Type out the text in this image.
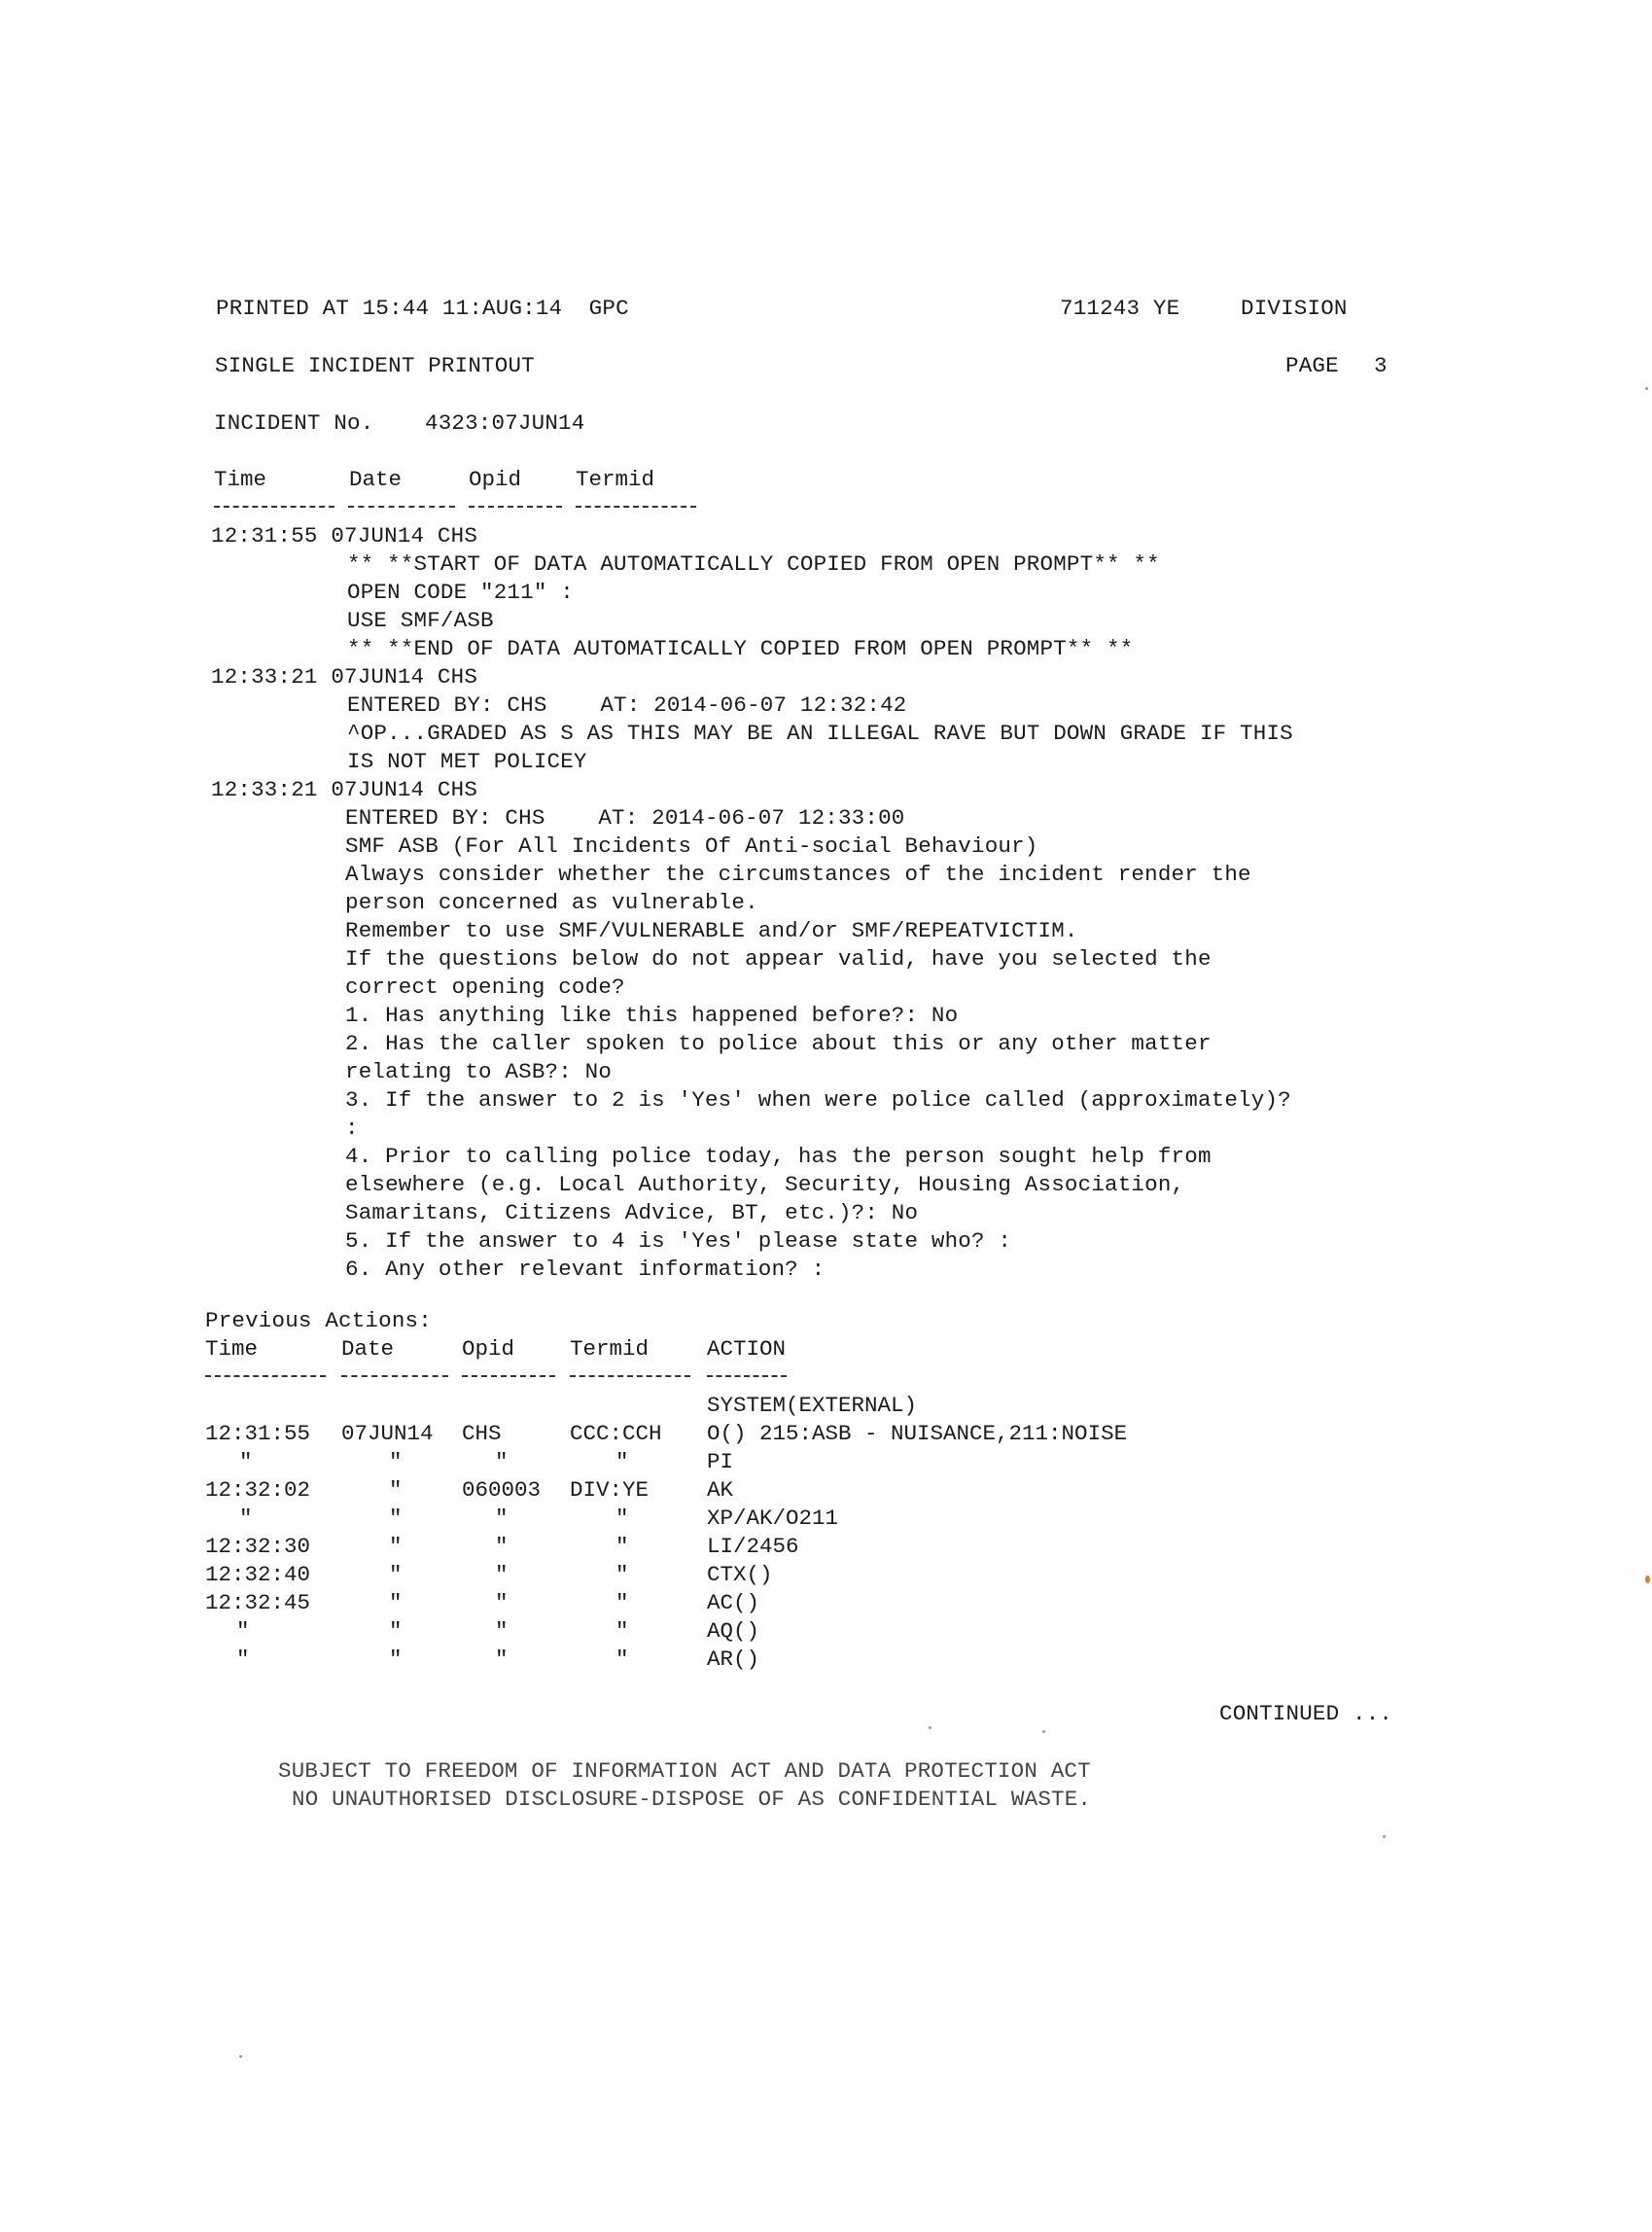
PRINTED AT 15:44 11:AUG:14  GPC	711243 YE	DIVISION
SINGLE INCIDENT PRINTOUT	PAGE 3
INCIDENT No. 4323:07JUN14
Time	Date	Opid Termid
12:31:55 07JUN14 CHS
** **START OF DATA AUTOMATICALLY COPIED FROM OPEN PROMPT** **
OPEN CODE "211" :
USE SMF/ASB
** **END OF DATA AUTOMATICALLY COPIED FROM OPEN PROMPT** **
12:33:21 07JUN14 CHS
ENTERED BY: CHS    AT: 2014-06-07 12:32:42
^OP...GRADED AS S AS THIS MAY BE AN ILLEGAL RAVE BUT DOWN GRADE IF THIS
IS NOT MET POLICEY
12:33:21 07JUN14 CHS
ENTERED BY: CHS    AT: 2014-06-07 12:33:00
SMF ASB (For All Incidents Of Anti-social Behaviour)
Always consider whether the circumstances of the incident render the
person concerned as vulnerable.
Remember to use SMF/VULNERABLE and/or SMF/REPEATVICTIM.
If the questions below do not appear valid, have you selected the
correct opening code?
1. Has anything like this happened before?: No
2. Has the caller spoken to police about this or any other matter
relating to ASB?: No
3. If the answer to 2 is 'Yes' when were police called (approximately)?
:
4. Prior to calling police today, has the person sought help from
elsewhere (e.g. Local Authority, Security, Housing Association,
Samaritans, Citizens Advice, BT, etc.)?: No
5. If the answer to 4 is 'Yes' please state who? :
6. Any other relevant information? :
Previous Actions:
Time	Date	Opid	Termid	ACTION
SYSTEM(EXTERNAL)
12:31:55 07JUN14 CHS	CCC:CCH O() 215:ASB - NUISANCE,211:NOISE
"	"	"	"	PI
12:32:02	"	060003 DIV:YE	AK
"	"	"	"	XP/AK/O211
12:32:30	"	"	"	LI/2456
12:32:40	"	"	"	CTX()
12:32:45	"	"	"	AC()
"	"	"	"	AQ()
"	"	"	"	AR()
CONTINUED ...
SUBJECT TO FREEDOM OF INFORMATION ACT AND DATA PROTECTION ACT
NO UNAUTHORISED DISCLOSURE-DISPOSE OF AS CONFIDENTIAL WASTE.
